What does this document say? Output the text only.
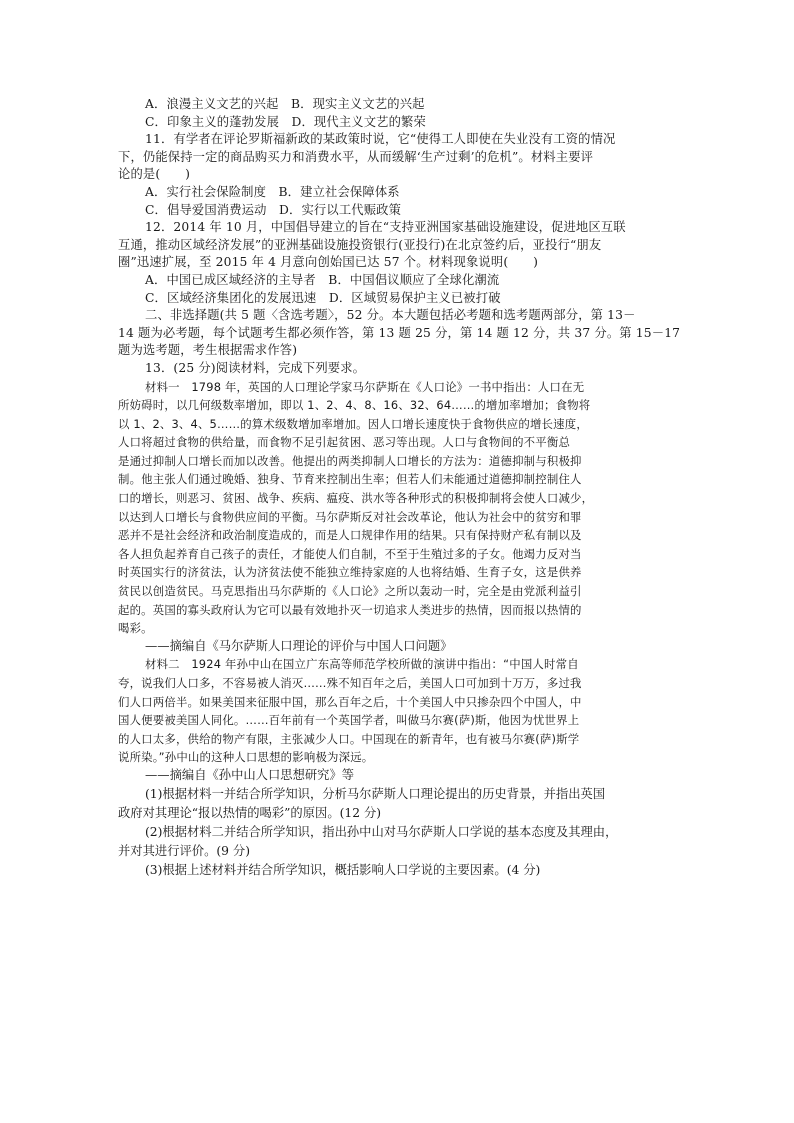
A．浪漫主义文艺的兴起　B．现实主义文艺的兴起
C．印象主义的蓬勃发展　D．现代主义文艺的繁荣
11．有学者在评论罗斯福新政的某政策时说，它“使得工人即使在失业没有工资的情况
下，仍能保持一定的商品购买力和消费水平，从而缓解‘生产过剩’的危机”。材料主要评
论的是(　　)
A．实行社会保险制度　B．建立社会保障体系
C．倡导爱国消费运动　D．实行以工代赈政策
12．2014 年 10 月，中国倡导建立的旨在“支持亚洲国家基础设施建设，促进地区互联
互通，推动区域经济发展”的亚洲基础设施投资银行(亚投行)在北京签约后，亚投行“朋友
圈”迅速扩展，至 2015 年 4 月意向创始国已达 57 个。材料现象说明(　　)
A．中国已成区域经济的主导者　B．中国倡议顺应了全球化潮流
C．区域经济集团化的发展迅速　D．区域贸易保护主义已被打破
二、非选择题(共 5 题〈含选考题〉，52 分。本大题包括必考题和选考题两部分，第 13－
14 题为必考题，每个试题考生都必须作答，第 13 题 25 分，第 14 题 12 分，共 37 分。第 15－17
题为选考题，考生根据需求作答)
13．(25 分)阅读材料，完成下列要求。
材料一　1798 年，英国的人口理论学家马尔萨斯在《人口论》一书中指出：人口在无
所妨碍时，以几何级数率增加，即以 1、2、4、8、16、32、64……的增加率增加；食物将
以 1、2、3、4、5……的算术级数增加率增加。因人口增长速度快于食物供应的增长速度，
人口将超过食物的供给量，而食物不足引起贫困、恶习等出现。人口与食物间的不平衡总
是通过抑制人口增长而加以改善。他提出的两类抑制人口增长的方法为：道德抑制与积极抑
制。他主张人们通过晚婚、独身、节育来控制出生率；但若人们未能通过道德抑制控制住人
口的增长，则恶习、贫困、战争、疾病、瘟疫、洪水等各种形式的积极抑制将会使人口减少，
以达到人口增长与食物供应间的平衡。马尔萨斯反对社会改革论，他认为社会中的贫穷和罪
恶并不是社会经济和政治制度造成的，而是人口规律作用的结果。只有保持财产私有制以及
各人担负起养育自己孩子的责任，才能使人们自制，不至于生殖过多的子女。他竭力反对当
时英国实行的济贫法，认为济贫法使不能独立维持家庭的人也将结婚、生育子女，这是供养
贫民以创造贫民。马克思指出马尔萨斯的《人口论》之所以轰动一时，完全是由党派利益引
起的。英国的寡头政府认为它可以最有效地扑灭一切追求人类进步的热情，因而报以热情的
喝彩。
——摘编自《马尔萨斯人口理论的评价与中国人口问题》
材料二　1924 年孙中山在国立广东高等师范学校所做的演讲中指出：“中国人时常自
夸，说我们人口多，不容易被人消灭……殊不知百年之后，美国人口可加到十万万，多过我
们人口两倍半。如果美国来征服中国，那么百年之后，十个美国人中只掺杂四个中国人，中
国人便要被美国人同化。……百年前有一个英国学者，叫做马尔赛(萨)斯，他因为忧世界上
的人口太多，供给的物产有限，主张减少人口。中国现在的新青年，也有被马尔赛(萨)斯学
说所染。”孙中山的这种人口思想的影响极为深远。
——摘编自《孙中山人口思想研究》等
(1)根据材料一并结合所学知识，分析马尔萨斯人口理论提出的历史背景，并指出英国
政府对其理论“报以热情的喝彩”的原因。(12 分)
(2)根据材料二并结合所学知识，指出孙中山对马尔萨斯人口学说的基本态度及其理由，
并对其进行评价。(9 分)
(3)根据上述材料并结合所学知识，概括影响人口学说的主要因素。(4 分)
